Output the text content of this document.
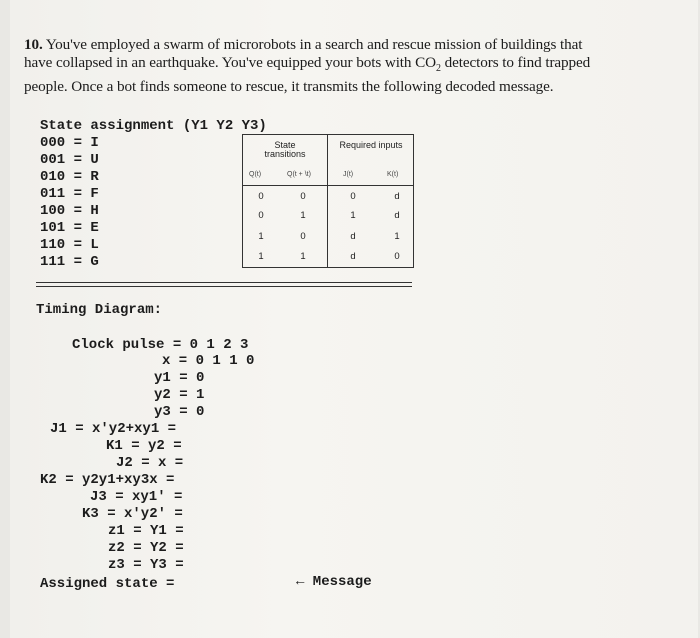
10. You've employed a swarm of microrobots in a search and rescue mission of buildings that
have collapsed in an earthquake. You've equipped your bots with $CO_2$ detectors to find trapped
people. Once a bot finds someone to rescue, it transmits the following decoded message.
State assignment (Y1 Y2 Y3)
000 = I
001 = U
010 = R
011 = F
100 = H
101 = E
110 = L
111 = G
State transitions
Required inputs
Q(t)	Q(t + \t)	J(t)	K(t)
0	0	0	d
0	1	1	d
1	0	d	1
1	1	d	0
Timing Diagram:
Clock pulse = 0 1 2 3
x = 0 1 1 0
y1 = 0
y2 = 1
y3 = 0
J1 = x'y2+xy1 =
K1 = y2 =
J2 = x =
K2 = y2y1+xy3x =
J3 = xy1' =
K3 = x'y2' =
z1 = Y1 =
z2 = Y2 =
z3 = Y3 =
Assigned state =	← Message
